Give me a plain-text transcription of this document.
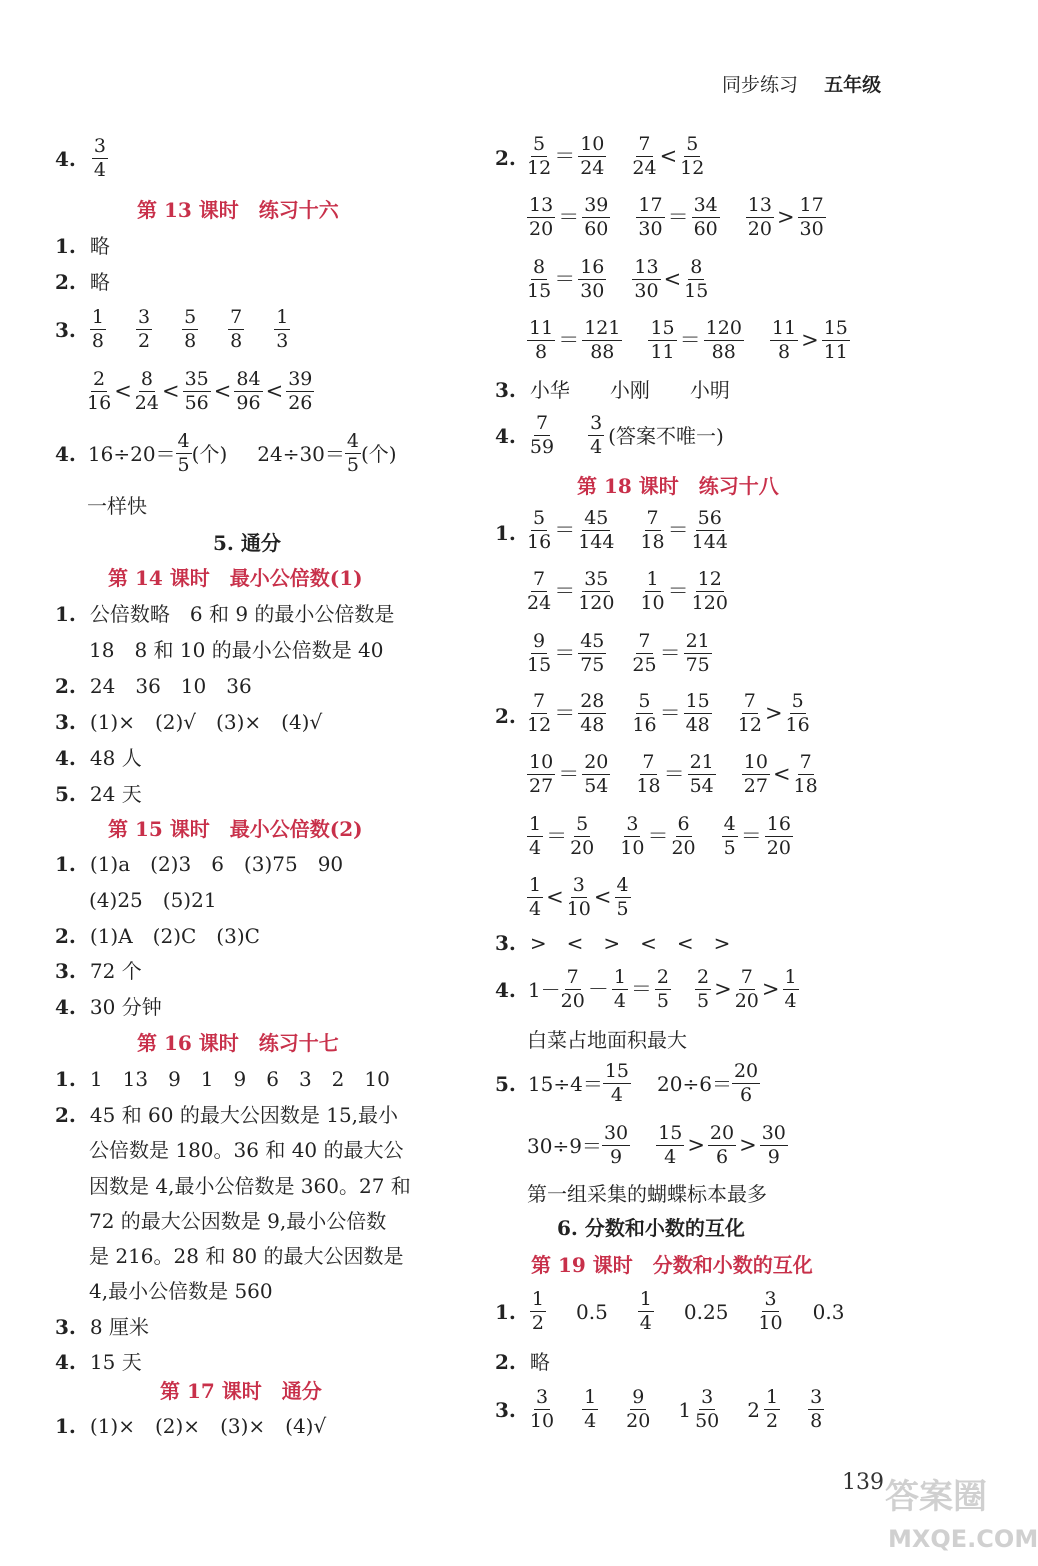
同步练习 五年级
4. $\frac{3}{4}$
第 13 课时　练习十六
1. 略
2. 略
3. $\frac{1}{8} \frac{3}{2} \frac{5}{8} \frac{7}{8} \frac{1}{3}$
$\frac{2}{16} < \frac{8}{24} < \frac{35}{56} < \frac{84}{96} < \frac{39}{26}$
4. $16\div 20= \frac{4}{5}$ (个) $24\div 30= \frac{4}{5}$ (个)
一样快
5. 通分
第 14 课时　最小公倍数(1)
1. 公倍数略　6 和 9 的最小公倍数是
18　8 和 10 的最小公倍数是 40
2. 24　36　10　36
3. (1)×　(2)√　(3)×　(4)√
4. 48 人
5. 24 天
第 15 课时　最小公倍数(2)
1. (1)a　(2)3　6　(3)75　90
(4)25　(5)21
2. (1)A　(2)C　(3)C
3. 72 个
4. 30 分钟
第 16 课时　练习十七
1. 1　13　9　1　9　6　3　2　10
2. 45 和 60 的最大公因数是 15,最小
公倍数是 180。36 和 40 的最大公
因数是 4,最小公倍数是 360。27 和
72 的最大公因数是 9,最小公倍数
是 216。28 和 80 的最大公因数是
4,最小公倍数是 560
3. 8 厘米
4. 15 天
第 17 课时　通分
1. (1)×　(2)×　(3)×　(4)√
2. $\frac{5}{12} = \frac{10}{24} \frac{7}{24} < \frac{5}{12}$
$\frac{13}{20} = \frac{39}{60} \frac{17}{30} = \frac{34}{60} \frac{13}{20} > \frac{17}{30}$
$\frac{8}{15} = \frac{16}{30} \frac{13}{30} < \frac{8}{15}$
$\frac{11}{8} = \frac{121}{88} \frac{15}{11} = \frac{120}{88} \frac{11}{8} > \frac{15}{11}$
3. 小华　　小刚　　小明
4. $\frac{7}{59} \frac{3}{4}$ (答案不唯一)
第 18 课时　练习十八
1. $\frac{5}{16} = \frac{45}{144} \frac{7}{18} = \frac{56}{144}$
$\frac{7}{24} = \frac{35}{120} \frac{1}{10} = \frac{12}{120}$
$\frac{9}{15} = \frac{45}{75} \frac{7}{25} = \frac{21}{75}$
2. $\frac{7}{12} = \frac{28}{48} \frac{5}{16} = \frac{15}{48} \frac{7}{12} > \frac{5}{16}$
$\frac{10}{27} = \frac{20}{54} \frac{7}{18} = \frac{21}{54} \frac{10}{27} < \frac{7}{18}$
$\frac{1}{4} = \frac{5}{20} \frac{3}{10} = \frac{6}{20} \frac{4}{5} = \frac{16}{20}$
$\frac{1}{4} < \frac{3}{10} < \frac{4}{5}$
3. >　<　>　<　<　>
4. $1- \frac{7}{20} - \frac{1}{4} = \frac{2}{5} \frac{2}{5} > \frac{7}{20} > \frac{1}{4}$
白菜占地面积最大
5. $15\div 4= \frac{15}{4} 20\div 6= \frac{20}{6}$
$30\div 9= \frac{30}{9} \frac{15}{4} > \frac{20}{6} > \frac{30}{9}$
第一组采集的蝴蝶标本最多
6. 分数和小数的互化
第 19 课时　分数和小数的互化
1. $\frac{1}{2} 0.5 \frac{1}{4} 0.25 \frac{3}{10} 0.3$
2. 略
3. $\frac{3}{10} \frac{1}{4} \frac{9}{20} 1 \frac{3}{50} 2 \frac{1}{2} \frac{3}{8}$
139 答案圈
MXQE.COM
